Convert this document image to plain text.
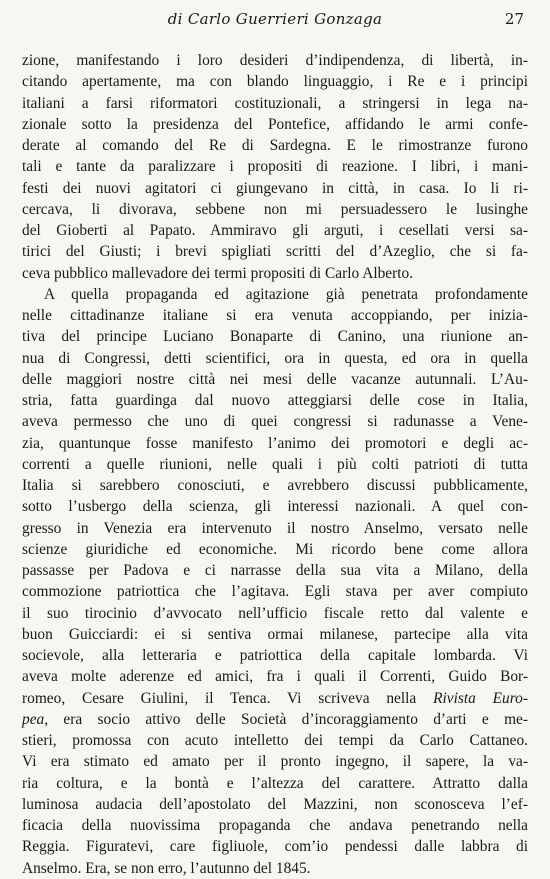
di Carlo Guerrieri Gonzaga	27
zione, manifestando i loro desideri d’indipendenza, di libertà, in-
citando apertamente, ma con blando linguaggio, i Re e i principi
italiani a farsi riformatori costituzionali, a stringersi in lega na-
zionale sotto la presidenza del Pontefice, affidando le armi confe-
derate al comando del Re di Sardegna. E le rimostranze furono
tali e tante da paralizzare i propositi di reazione. I libri, i mani-
festi dei nuovi agitatori ci giungevano in città, in casa. Io li ri-
cercava, li divorava, sebbene non mi persuadessero le lusinghe
del Gioberti al Papato. Ammiravo gli arguti, i cesellati versi sa-
tirici del Giusti; i brevi spigliati scritti del d’Azeglio, che si fa-
ceva pubblico mallevadore dei termi propositi di Carlo Alberto.
A quella propaganda ed agitazione già penetrata profondamente
nelle cittadinanze italiane si era venuta accoppiando, per inizia-
tiva del principe Luciano Bonaparte di Canino, una riunione an-
nua di Congressi, detti scientifici, ora in questa, ed ora in quella
delle maggiori nostre città nei mesi delle vacanze autunnali. L’Au-
stria, fatta guardinga dal nuovo atteggiarsi delle cose in Italia,
aveva permesso che uno di quei congressi si radunasse a Vene-
zia, quantunque fosse manifesto l’animo dei promotori e degli ac-
correnti a quelle riunioni, nelle quali i più colti patrioti di tutta
Italia si sarebbero conosciuti, e avrebbero discussi pubblicamente,
sotto l’usbergo della scienza, gli interessi nazionali. A quel con-
gresso in Venezia era intervenuto il nostro Anselmo, versato nelle
scienze giuridiche ed economiche. Mi ricordo bene come allora
passasse per Padova e ci narrasse della sua vita a Milano, della
commozione patriottica che l’agitava. Egli stava per aver compiuto
il suo tirocinio d’avvocato nell’ufficio fiscale retto dal valente e
buon Guicciardi: ei si sentiva ormai milanese, partecipe alla vita
socievole, alla letteraria e patriottica della capitale lombarda. Vi
aveva molte aderenze ed amici, fra i quali il Correnti, Guido Bor-
romeo, Cesare Giulini, il Tenca. Vi scriveva nella Rivista Euro-
pea, era socio attivo delle Società d’incoraggiamento d’arti e me-
stieri, promossa con acuto intelletto dei tempi da Carlo Cattaneo.
Vi era stimato ed amato per il pronto ingegno, il sapere, la va-
ria coltura, e la bontà e l’altezza del carattere. Attratto dalla
luminosa audacia dell’apostolato del Mazzini, non sconosceva l’ef-
ficacia della nuovissima propaganda che andava penetrando nella
Reggia. Figuratevi, care figliuole, com’io pendessi dalle labbra di
Anselmo. Era, se non erro, l’autunno del 1845.
